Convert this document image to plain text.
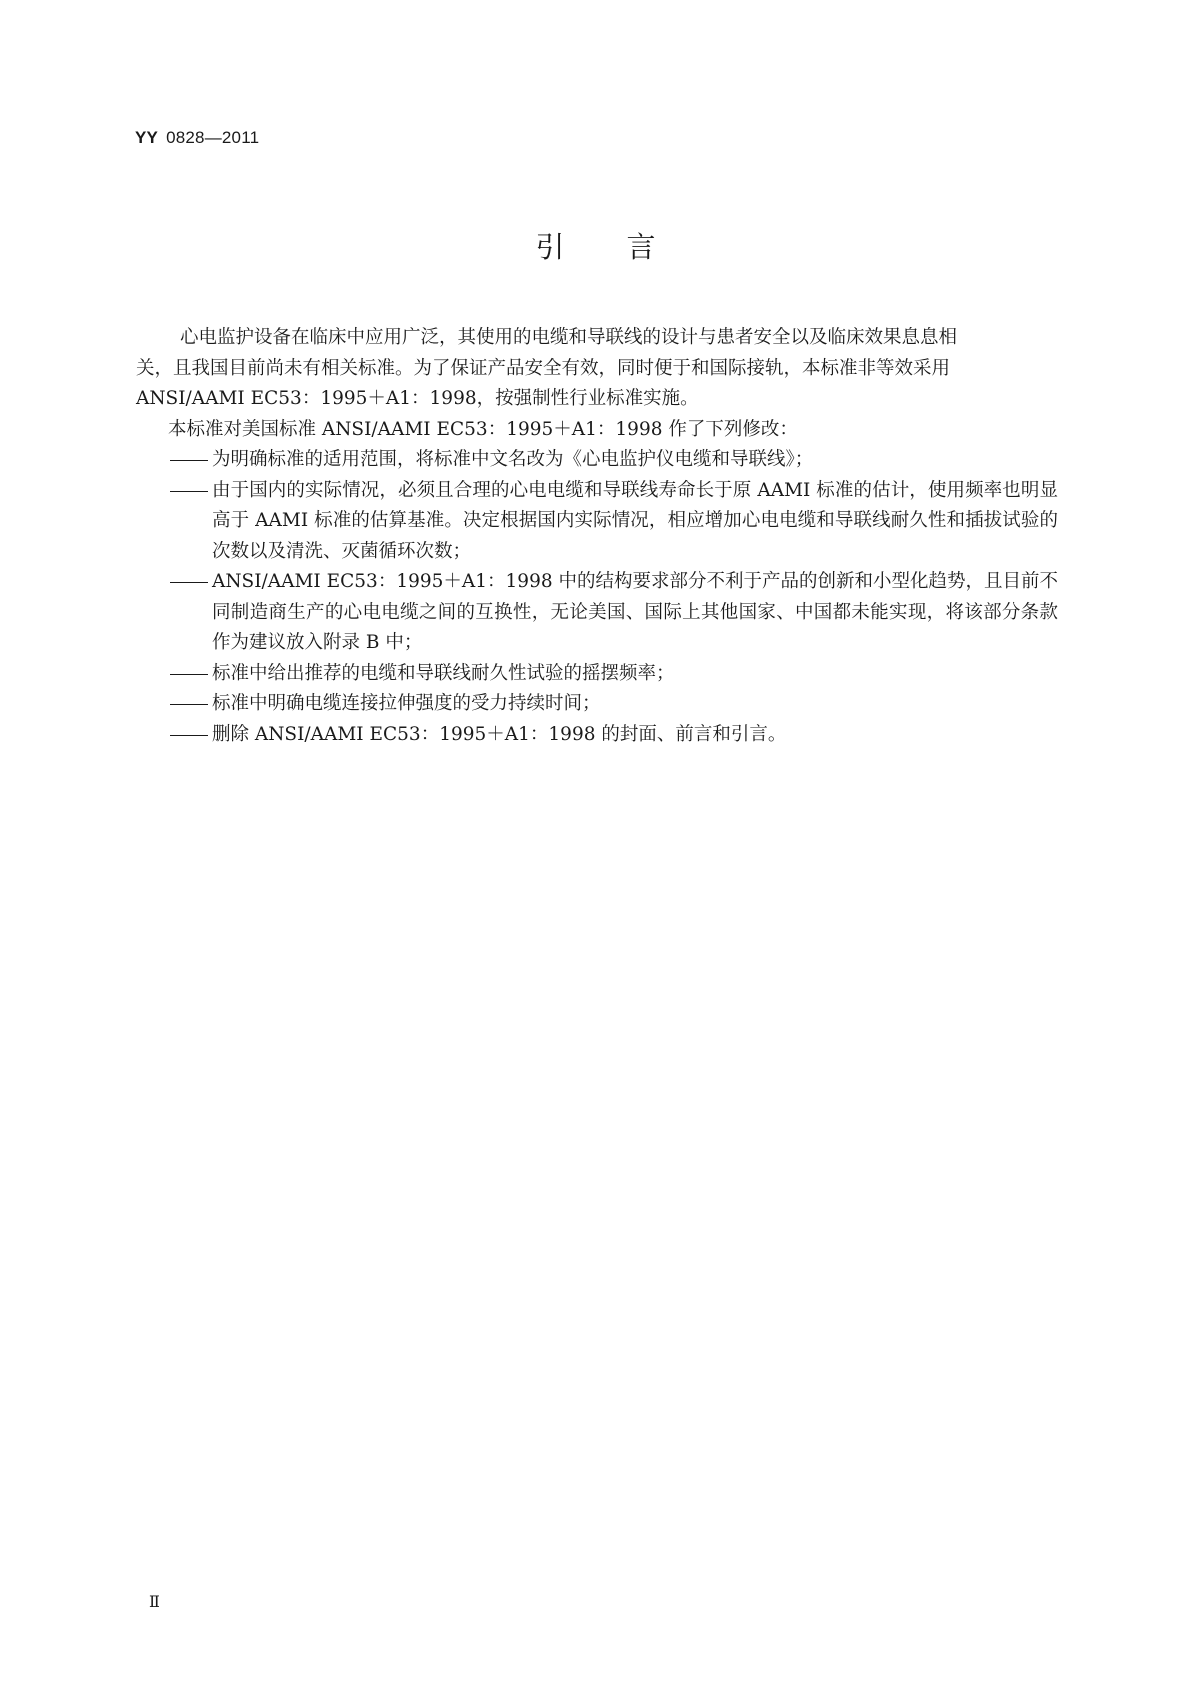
YY 0828—2011
引言

心电监护设备在临床中应用广泛，其使用的电缆和导联线的设计与患者安全以及临床效果息息相
关，且我国目前尚未有相关标准。为了保证产品安全有效，同时便于和国际接轨，本标准非等效采用
ANSI/AAMI EC53：1995＋A1：1998，按强制性行业标准实施。

本标准对美国标准 ANSI/AAMI EC53：1995＋A1：1998 作了下列修改：

为明确标准的适用范围，将标准中文名改为《心电监护仪电缆和导联线》；
由于国内的实际情况，必须且合理的心电电缆和导联线寿命长于原 AAMI 标准的估计，使用频率也明显高于 AAMI 标准的估算基准。决定根据国内实际情况，相应增加心电电缆和导联线耐久性和插拔试验的次数以及清洗、灭菌循环次数；
ANSI/AAMI EC53：1995＋A1：1998 中的结构要求部分不利于产品的创新和小型化趋势，且目前不同制造商生产的心电电缆之间的互换性，无论美国、国际上其他国家、中国都未能实现，将该部分条款作为建议放入附录 B 中；
标准中给出推荐的电缆和导联线耐久性试验的摇摆频率；
标准中明确电缆连接拉伸强度的受力持续时间；
删除 ANSI/AAMI EC53：1995＋A1：1998 的封面、前言和引言。
Ⅱ
